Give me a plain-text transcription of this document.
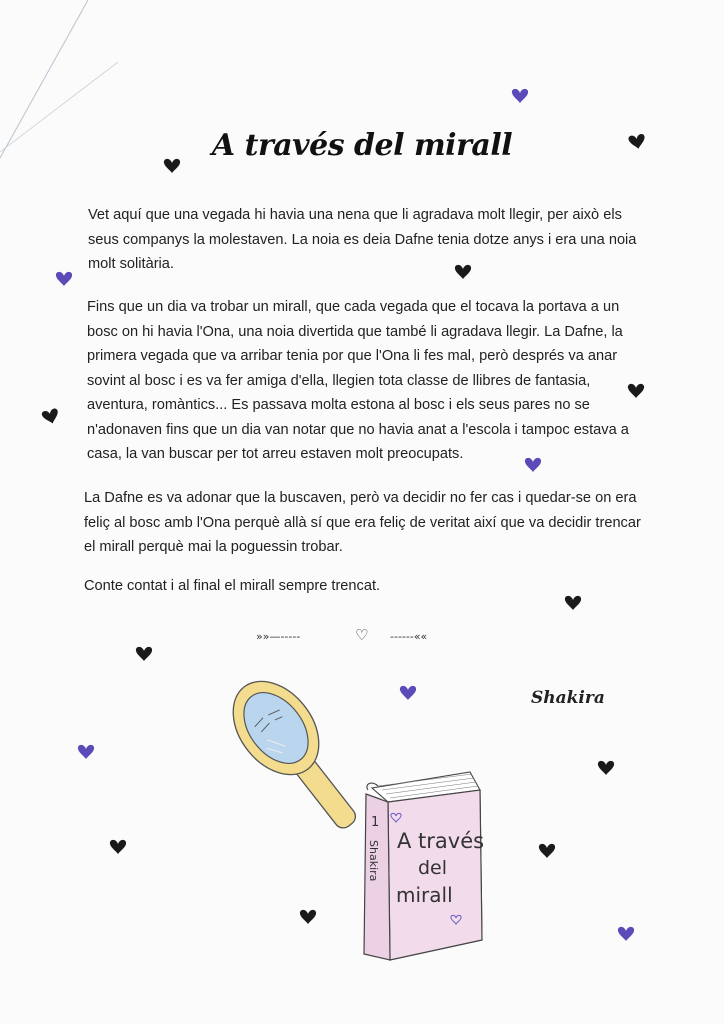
A través del mirall

Vet aquí que una vegada hi havia una nena que li agradava molt llegir, per això els seus companys la molestaven. La noia es deia Dafne tenia dotze anys i era una noia molt solitària.

Fins que un dia va trobar un mirall, que cada vegada que el tocava la portava a un bosc on hi havia l'Ona, una noia divertida que també li agradava llegir. La Dafne, la primera vegada que va arribar tenia por que l'Ona li fes mal, però després va anar sovint al bosc i es va fer amiga d'ella, llegien tota classe de llibres de fantasia, aventura, romàntics... Es passava molta estona al bosc i els seus pares no se n'adonaven fins que un dia van notar que no havia anat a l'escola i tampoc estava a casa, la van buscar per tot arreu estaven molt preocupats.

La Dafne es va adonar que la buscaven, però va decidir no fer cas i quedar-se on era feliç al bosc amb l'Ona perquè allà sí que era feliç de veritat així que va decidir trencar el mirall perquè mai la poguessin trobar.

Conte contat i al final el mirall sempre trencat.

»»—-----	♡ ------««
Shakira
1
Shakira A través
del
mirall
